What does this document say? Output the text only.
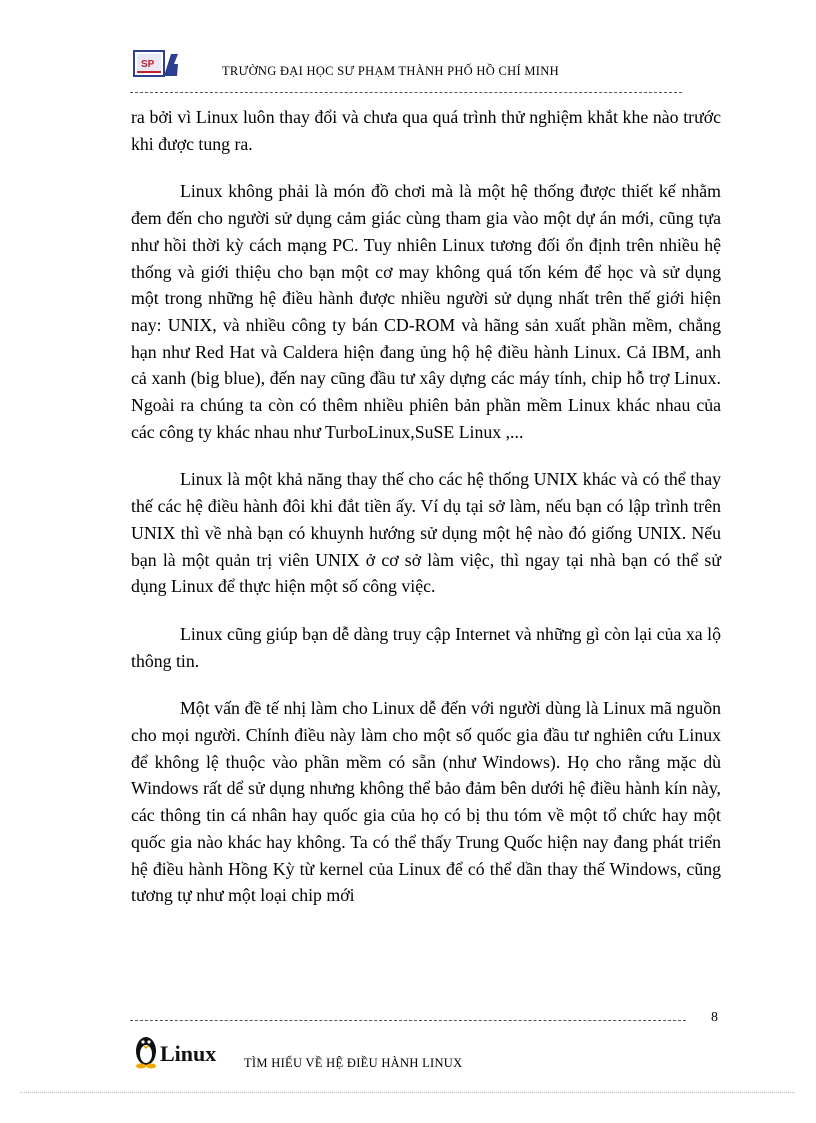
SP	TRƯỜNG ĐẠI HỌC SƯ PHẠM THÀNH PHỐ HỒ CHÍ MINH

ra bởi vì Linux luôn thay đổi và chưa qua quá trình thử nghiệm khắt khe nào trước khi được tung ra.

Linux không phải là món đồ chơi mà là một hệ thống được thiết kế nhằm đem đến cho người sử dụng cảm giác cùng tham gia vào một dự án mới, cũng tựa như hồi thời kỳ cách mạng PC. Tuy nhiên Linux tương đối ổn định trên nhiều hệ thống và giới thiệu cho bạn một cơ may không quá tốn kém để học và sử dụng một trong những hệ điều hành được nhiều người sử dụng nhất trên thế giới hiện nay: UNIX, và nhiều công ty bán CD-ROM và hãng sản xuất phần mềm, chẳng hạn như Red Hat và Caldera hiện đang ủng hộ hệ điều hành Linux. Cả IBM, anh cả xanh (big blue), đến nay cũng đầu tư xây dựng các máy tính, chip hỗ trợ Linux. Ngoài ra chúng ta còn có thêm nhiều phiên bản phần mềm Linux khác nhau của các công ty khác nhau như TurboLinux,SuSE Linux ,...

Linux là một khả năng thay thế cho các hệ thống UNIX khác và có thể thay thế các hệ điều hành đôi khi đắt tiền ấy. Ví dụ tại sở làm, nếu bạn có lập trình trên UNIX thì về nhà bạn có khuynh hướng sử dụng một hệ nào đó giống UNIX. Nếu bạn là một quản trị viên UNIX ở cơ sở làm việc, thì ngay tại nhà bạn có thể sử dụng Linux để thực hiện một số công việc.

Linux cũng giúp bạn dễ dàng truy cập Internet và những gì còn lại của xa lộ thông tin.

Một vấn đề tế nhị làm cho Linux dễ đến với người dùng là Linux mã nguồn cho mọi người. Chính điều này làm cho một số quốc gia đầu tư nghiên cứu Linux để không lệ thuộc vào phần mềm có sẵn (như Windows). Họ cho rằng mặc dù Windows rất dể sử dụng nhưng không thể bảo đảm bên dưới hệ điều hành kín này, các thông tin cá nhân hay quốc gia của họ có bị thu tóm về một tổ chức hay một quốc gia nào khác hay không. Ta có thể thấy Trung Quốc hiện nay đang phát triển hệ điều hành Hồng Kỳ từ kernel của Linux để có thể dần thay thế Windows, cũng tương tự như một loại chip mới

8
Linux TÌM HIỂU VỀ HỆ ĐIỀU HÀNH LINUX
